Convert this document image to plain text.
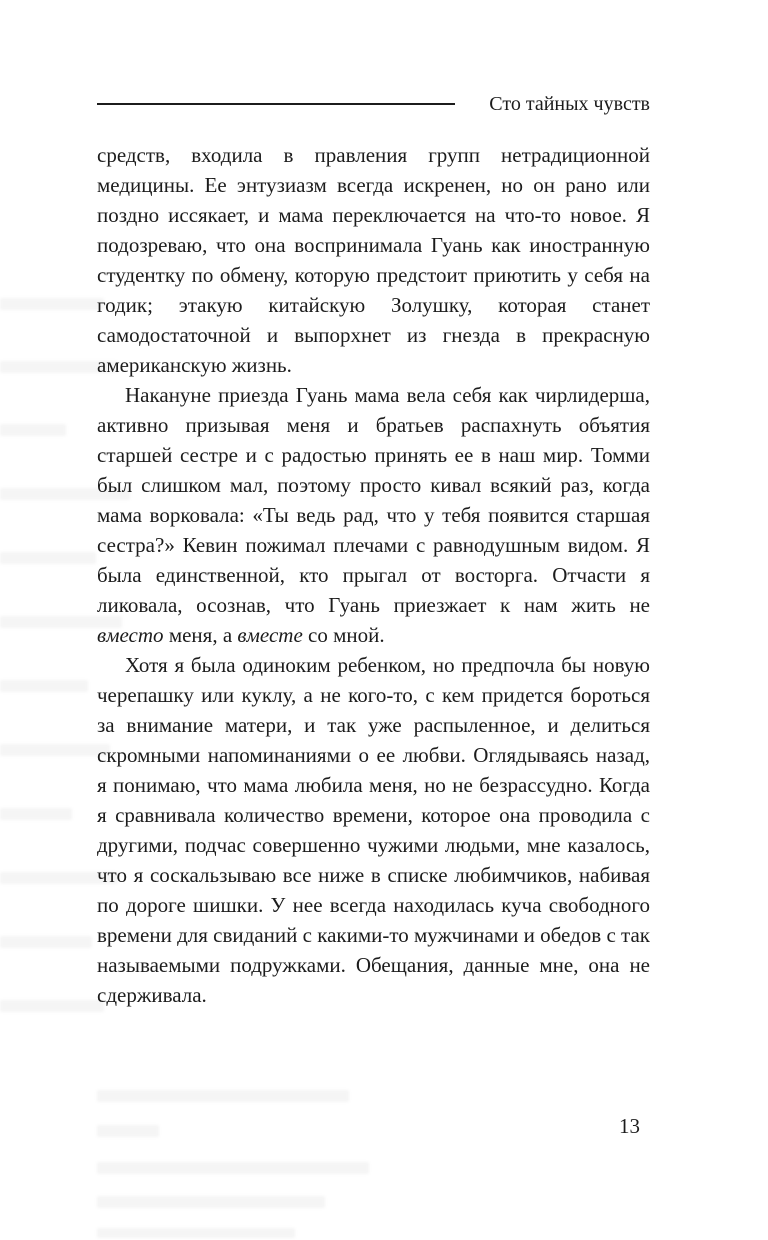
Сто тайных чувств

средств, входила в правления групп нетрадиционной медицины. Ее энтузиазм всегда искренен, но он рано или поздно иссякает, и мама переключается на что-то новое. Я подозреваю, что она воспринимала Гуань как иностранную студентку по обмену, которую предстоит приютить у себя на годик; этакую китайскую Золушку, которая станет самодостаточной и выпорхнет из гнезда в прекрасную американскую жизнь.

Накануне приезда Гуань мама вела себя как чирлидерша, активно призывая меня и братьев распахнуть объятия старшей сестре и с радостью принять ее в наш мир. Томми был слишком мал, поэтому просто кивал всякий раз, когда мама ворковала: «Ты ведь рад, что у тебя появится старшая сестра?» Кевин пожимал плечами с равнодушным видом. Я была единственной, кто прыгал от восторга. Отчасти я ликовала, осознав, что Гуань приезжает к нам жить не вместо меня, а вместе со мной.

Хотя я была одиноким ребенком, но предпочла бы новую черепашку или куклу, а не кого-то, с кем придется бороться за внимание матери, и так уже распыленное, и делиться скромными напоминаниями о ее любви. Оглядываясь назад, я понимаю, что мама любила меня, но не безрассудно. Когда я сравнивала количество времени, которое она проводила с другими, подчас совершенно чужими людьми, мне казалось, что я соскальзываю все ниже в списке любимчиков, набивая по дороге шишки. У нее всегда находилась куча свободного времени для свиданий с какими-то мужчинами и обедов с так называемыми подружками. Обещания, данные мне, она не сдерживала.

13
